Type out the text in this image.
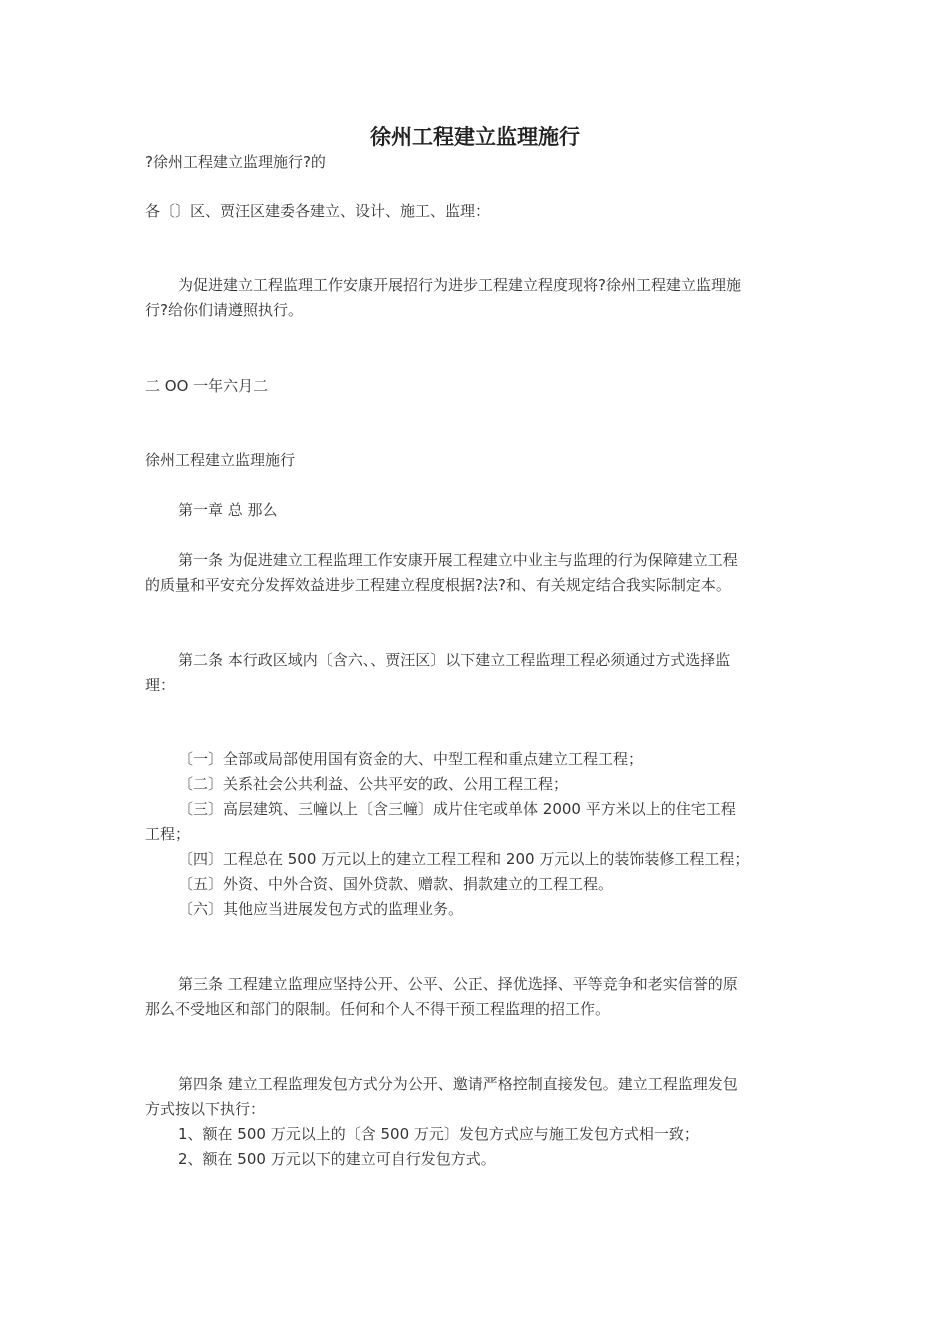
徐州工程建立监理施行
?徐州工程建立监理施行?的
各〔〕区、贾汪区建委各建立、设计、施工、监理：
为促进建立工程监理工作安康开展招行为进步工程建立程度现将?徐州工程建立监理施
行?给你们请遵照执行。
二 OO 一年六月二
徐州工程建立监理施行
第一章 总 那么
第一条 为促进建立工程监理工作安康开展工程建立中业主与监理的行为保障建立工程
的质量和平安充分发挥效益进步工程建立程度根据?法?和、有关规定结合我实际制定本。
第二条 本行政区域内〔含六、、贾汪区〕以下建立工程监理工程必须通过方式选择监
理：
〔一〕全部或局部使用国有资金的大、中型工程和重点建立工程工程；
〔二〕关系社会公共利益、公共平安的政、公用工程工程；
〔三〕高层建筑、三幢以上〔含三幢〕成片住宅或单体 2000 平方米以上的住宅工程
工程；
〔四〕工程总在 500 万元以上的建立工程工程和 200 万元以上的装饰装修工程工程；
〔五〕外资、中外合资、国外贷款、赠款、捐款建立的工程工程。
〔六〕其他应当进展发包方式的监理业务。
第三条 工程建立监理应坚持公开、公平、公正、择优选择、平等竞争和老实信誉的原
那么不受地区和部门的限制。任何和个人不得干预工程监理的招工作。
第四条 建立工程监理发包方式分为公开、邀请严格控制直接发包。建立工程监理发包
方式按以下执行：
1、额在 500 万元以上的〔含 500 万元〕发包方式应与施工发包方式相一致；
2、额在 500 万元以下的建立可自行发包方式。
